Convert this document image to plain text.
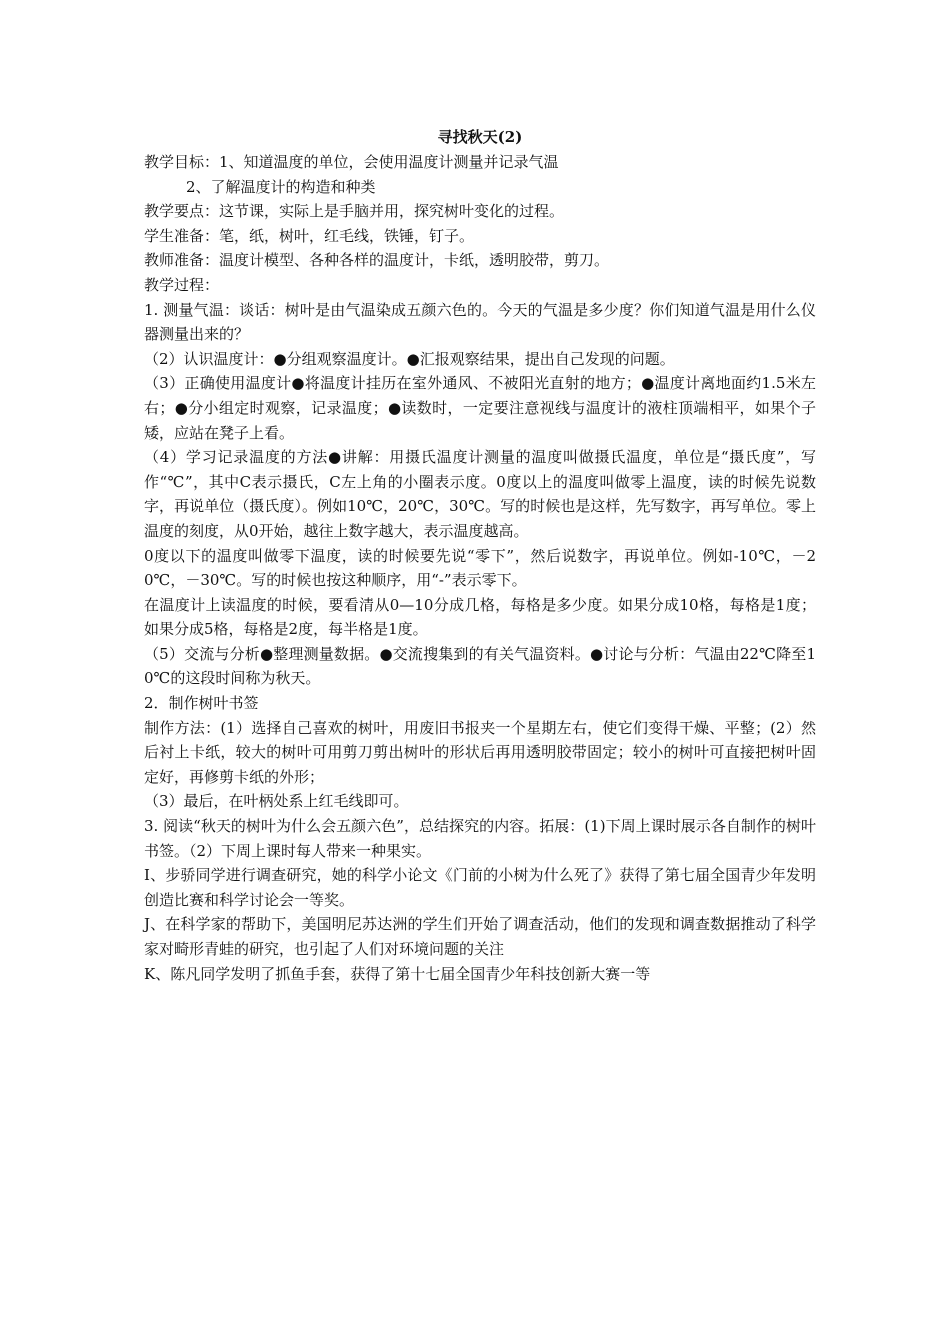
寻找秋天(2)

教学目标：1、知道温度的单位，会使用温度计测量并记录气温

2、了解温度计的构造和种类

教学要点：这节课，实际上是手脑并用，探究树叶变化的过程。

学生准备：笔，纸，树叶，红毛线，铁锤，钉子。

教师准备：温度计模型、各种各样的温度计，卡纸，透明胶带，剪刀。

教学过程：

1. 测量气温：谈话：树叶是由气温染成五颜六色的。今天的气温是多少度？你们知道气温是用什么仪器测量出来的？

（2）认识温度计：●分组观察温度计。●汇报观察结果，提出自己发现的问题。

（3）正确使用温度计●将温度计挂历在室外通风、不被阳光直射的地方；●温度计离地面约1.5米左右；●分小组定时观察，记录温度；●读数时，一定要注意视线与温度计的液柱顶端相平，如果个子矮，应站在凳子上看。

（4）学习记录温度的方法●讲解：用摄氏温度计测量的温度叫做摄氏温度，单位是“摄氏度”，写作“℃”，其中C表示摄氏，C左上角的小圈表示度。0度以上的温度叫做零上温度，读的时候先说数字，再说单位（摄氏度）。例如10℃，20℃，30℃。写的时候也是这样，先写数字，再写单位。零上温度的刻度，从0开始，越往上数字越大，表示温度越高。

0度以下的温度叫做零下温度，读的时候要先说“零下”，然后说数字，再说单位。例如-10℃，－20℃，－30℃。写的时候也按这种顺序，用“-”表示零下。

在温度计上读温度的时候，要看清从0—10分成几格，每格是多少度。如果分成10格，每格是1度；如果分成5格，每格是2度，每半格是1度。

（5）交流与分析●整理测量数据。●交流搜集到的有关气温资料。●讨论与分析：气温由22℃降至10℃的这段时间称为秋天。

2．制作树叶书签

制作方法：(1）选择自己喜欢的树叶，用废旧书报夹一个星期左右，使它们变得干燥、平整；(2）然后衬上卡纸，较大的树叶可用剪刀剪出树叶的形状后再用透明胶带固定；较小的树叶可直接把树叶固定好，再修剪卡纸的外形；

（3）最后，在叶柄处系上红毛线即可。

3. 阅读“秋天的树叶为什么会五颜六色”，总结探究的内容。拓展：(1)下周上课时展示各自制作的树叶书签。（2）下周上课时每人带来一种果实。

I、步骄同学进行调查研究，她的科学小论文《门前的小树为什么死了》获得了第七届全国青少年发明创造比赛和科学讨论会一等奖。

J、在科学家的帮助下，美国明尼苏达洲的学生们开始了调查活动，他们的发现和调查数据推动了科学家对畸形青蛙的研究，也引起了人们对环境问题的关注

K、陈凡同学发明了抓鱼手套，获得了第十七届全国青少年科技创新大赛一等
